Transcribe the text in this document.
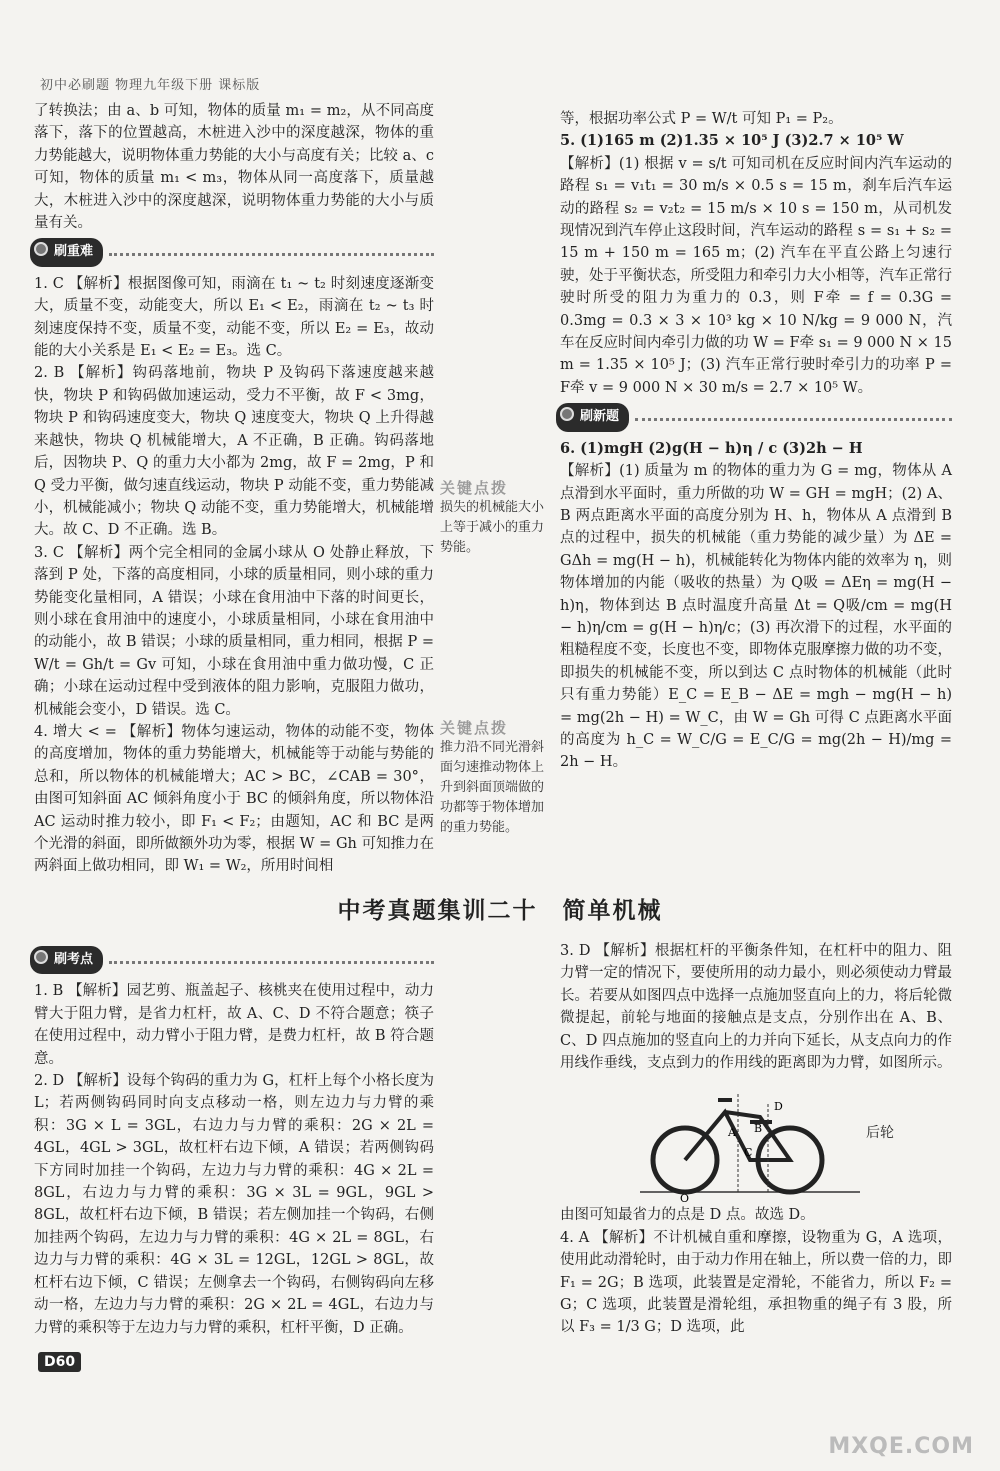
初中必刷题 物理九年级下册 课标版

了转换法；由 a、b 可知，物体的质量 m₁ = m₂，从不同高度落下，落下的位置越高，木桩进入沙中的深度越深，物体的重力势能越大，说明物体重力势能的大小与高度有关；比较 a、c 可知，物体的质量 m₁ < m₃，物体从同一高度落下，质量越大，木桩进入沙中的深度越深，说明物体重力势能的大小与质量有关。

刷重难

1. C 【解析】根据图像可知，雨滴在 t₁ ~ t₂ 时刻速度逐渐变大，质量不变，动能变大，所以 E₁ < E₂，雨滴在 t₂ ~ t₃ 时刻速度保持不变，质量不变，动能不变，所以 E₂ = E₃，故动能的大小关系是 E₁ < E₂ = E₃。选 C。

2. B 【解析】钩码落地前，物块 P 及钩码下落速度越来越快，物块 P 和钩码做加速运动，受力不平衡，故 F < 3mg，物块 P 和钩码速度变大，物块 Q 速度变大，物块 Q 上升得越来越快，物块 Q 机械能增大，A 不正确，B 正确。钩码落地后，因物块 P、Q 的重力大小都为 2mg，故 F = 2mg，P 和 Q 受力平衡，做匀速直线运动，物块 P 动能不变，重力势能减小，机械能减小；物块 Q 动能不变，重力势能增大，机械能增大。故 C、D 不正确。选 B。

3. C 【解析】两个完全相同的金属小球从 O 处静止释放，下落到 P 处，下落的高度相同，小球的质量相同，则小球的重力势能变化量相同，A 错误；小球在食用油中下落的时间更长，则小球在食用油中的速度小，小球质量相同，小球在食用油中的动能小，故 B 错误；小球的质量相同，重力相同，根据 P = W/t = Gh/t = Gv 可知，小球在食用油中重力做功慢，C 正确；小球在运动过程中受到液体的阻力影响，克服阻力做功，机械能会变小，D 错误。选 C。

4. 增大 < = 【解析】物体匀速运动，物体的动能不变，物体的高度增加，物体的重力势能增大，机械能等于动能与势能的总和，所以物体的机械能增大；AC > BC，∠CAB = 30°，由图可知斜面 AC 倾斜角度小于 BC 的倾斜角度，所以物体沿 AC 运动时推力较小，即 F₁ < F₂；由题知，AC 和 BC 是两个光滑的斜面，即所做额外功为零，根据 W = Gh 可知推力在两斜面上做功相同，即 W₁ = W₂，所用时间相

关键点拨
损失的机械能大小上等于减小的重力势能。
关键点拨
推力沿不同光滑斜面匀速推动物体上升到斜面顶端做的功都等于物体增加的重力势能。

等，根据功率公式 P = W/t 可知 P₁ = P₂。

5. (1)165 m (2)1.35 × 10⁵ J (3)2.7 × 10⁵ W

【解析】(1) 根据 v = s/t 可知司机在反应时间内汽车运动的路程 s₁ = v₁t₁ = 30 m/s × 0.5 s = 15 m，刹车后汽车运动的路程 s₂ = v₂t₂ = 15 m/s × 10 s = 150 m，从司机发现情况到汽车停止这段时间，汽车运动的路程 s = s₁ + s₂ = 15 m + 150 m = 165 m；(2) 汽车在平直公路上匀速行驶，处于平衡状态，所受阻力和牵引力大小相等，汽车正常行驶时所受的阻力为重力的 0.3，则 F牵 = f = 0.3G = 0.3mg = 0.3 × 3 × 10³ kg × 10 N/kg = 9 000 N，汽车在反应时间内牵引力做的功 W = F牵 s₁ = 9 000 N × 15 m = 1.35 × 10⁵ J；(3) 汽车正常行驶时牵引力的功率 P = F牵 v = 9 000 N × 30 m/s = 2.7 × 10⁵ W。

刷新题

6. (1)mgH (2)g(H − h)η / c (3)2h − H

【解析】(1) 质量为 m 的物体的重力为 G = mg，物体从 A 点滑到水平面时，重力所做的功 W = GH = mgH；(2) A、B 两点距离水平面的高度分别为 H、h，物体从 A 点滑到 B 点的过程中，损失的机械能（重力势能的减少量）为 ΔE = GΔh = mg(H − h)，机械能转化为物体内能的效率为 η，则物体增加的内能（吸收的热量）为 Q吸 = ΔEη = mg(H − h)η，物体到达 B 点时温度升高量 Δt = Q吸/cm = mg(H − h)η/cm = g(H − h)η/c；(3) 再次滑下的过程，水平面的粗糙程度不变，长度也不变，即物体克服摩擦力做的功不变，即损失的机械能不变，所以到达 C 点时物体的机械能（此时只有重力势能）E_C = E_B − ΔE = mgh − mg(H − h) = mg(2h − H) = W_C，由 W = Gh 可得 C 点距离水平面的高度为 h_C = W_C/G = E_C/G = mg(2h − H)/mg = 2h − H。

中考真题集训二十　简单机械
刷考点

1. B 【解析】园艺剪、瓶盖起子、核桃夹在使用过程中，动力臂大于阻力臂，是省力杠杆，故 A、C、D 不符合题意；筷子在使用过程中，动力臂小于阻力臂，是费力杠杆，故 B 符合题意。

2. D 【解析】设每个钩码的重力为 G，杠杆上每个小格长度为 L；若两侧钩码同时向支点移动一格，则左边力与力臂的乘积：3G × L = 3GL，右边力与力臂的乘积：2G × 2L = 4GL，4GL > 3GL，故杠杆右边下倾，A 错误；若两侧钩码下方同时加挂一个钩码，左边力与力臂的乘积：4G × 2L = 8GL，右边力与力臂的乘积：3G × 3L = 9GL，9GL > 8GL，故杠杆右边下倾，B 错误；若左侧加挂一个钩码，右侧加挂两个钩码，左边力与力臂的乘积：4G × 2L = 8GL，右边力与力臂的乘积：4G × 3L = 12GL，12GL > 8GL，故杠杆右边下倾，C 错误；左侧拿去一个钩码，右侧钩码向左移动一格，左边力与力臂的乘积：2G × 2L = 4GL，右边力与力臂的乘积等于左边力与力臂的乘积，杠杆平衡，D 正确。

3. D 【解析】根据杠杆的平衡条件知，在杠杆中的阻力、阻力臂一定的情况下，要使所用的动力最小，则必须使动力臂最长。若要从如图四点中选择一点施加竖直向上的力，将后轮微微提起，前轮与地面的接触点是支点，分别作出在 A、B、C、D 四点施加的竖直向上的力并向下延长，从支点向力的作用线作垂线，支点到力的作用线的距离即为力臂，如图所示。

由图可知最省力的点是 D 点。故选 D。

4. A 【解析】不计机械自重和摩擦，设物重为 G，A 选项，使用此动滑轮时，由于动力作用在轴上，所以费一倍的力，即 F₁ = 2G；B 选项，此装置是定滑轮，不能省力，所以 F₂ = G；C 选项，此装置是滑轮组，承担物重的绳子有 3 股，所以 F₃ = 1/3 G；D 选项，此

A B
C
D
O
后轮
D60
MXQE.COM
